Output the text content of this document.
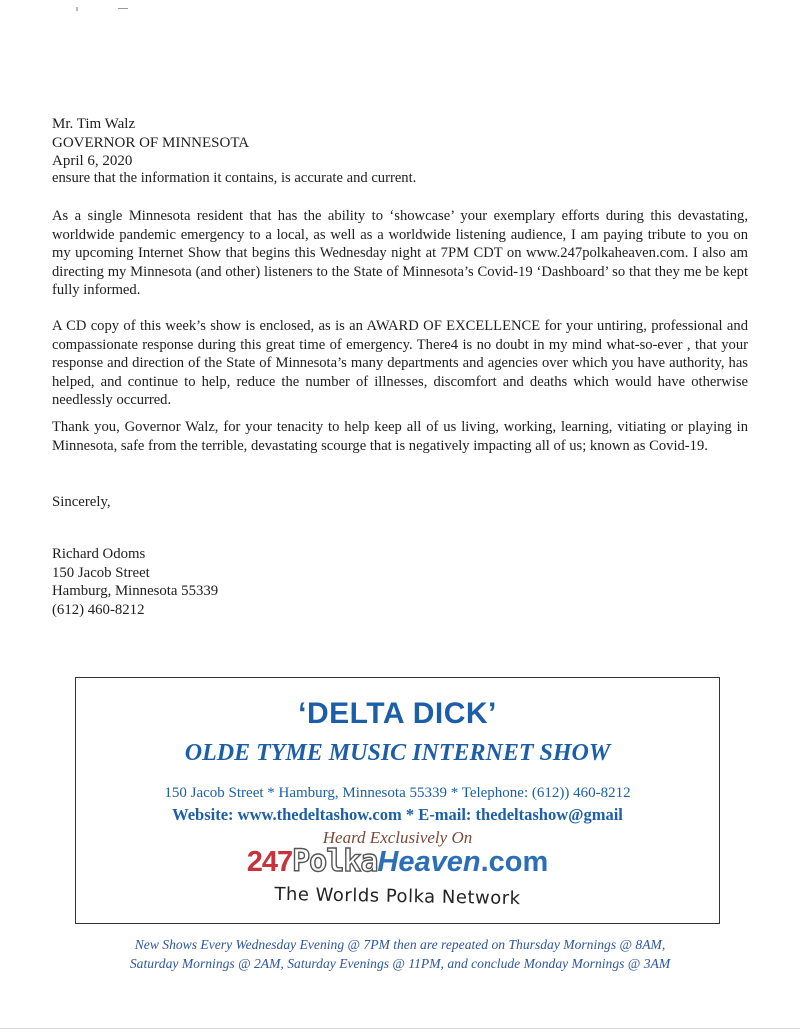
Mr. Tim Walz
GOVERNOR OF MINNESOTA
April 6, 2020
ensure that the information it contains, is accurate and current.
As a single Minnesota resident that has the ability to ‘showcase’ your exemplary efforts during this devastating, worldwide pandemic emergency to a local, as well as a worldwide listening audience, I am paying tribute to you on my upcoming Internet Show that begins this Wednesday night at 7PM CDT on www.247polkaheaven.com. I also am directing my Minnesota (and other) listeners to the State of Minnesota’s Covid-19 ‘Dashboard’ so that they me be kept fully informed.
A CD copy of this week’s show is enclosed, as is an AWARD OF EXCELLENCE for your untiring, professional and compassionate response during this great time of emergency. There4 is no doubt in my mind what-so-ever , that your response and direction of the State of Minnesota’s many departments and agencies over which you have authority, has helped, and continue to help, reduce the number of illnesses, discomfort and deaths which would have otherwise needlessly occurred.
Thank you, Governor Walz, for your tenacity to help keep all of us living, working, learning, vitiating or playing in Minnesota, safe from the terrible, devastating scourge that is negatively impacting all of us; known as Covid-19.
Sincerely,
Richard Odoms
150 Jacob Street
Hamburg, Minnesota 55339
(612) 460-8212
‘DELTA DICK’
OLDE TYME MUSIC INTERNET SHOW
150 Jacob Street * Hamburg, Minnesota 55339 * Telephone: (612)) 460-8212
Website: www.thedeltashow.com * E-mail: thedeltashow@gmail
Heard Exclusively On
247PolkaHeaven.com
The Worlds Polka Network
New Shows Every Wednesday Evening @ 7PM then are repeated on Thursday Mornings @ 8AM,
Saturday Mornings @ 2AM, Saturday Evenings @ 11PM, and conclude Monday Mornings @ 3AM
